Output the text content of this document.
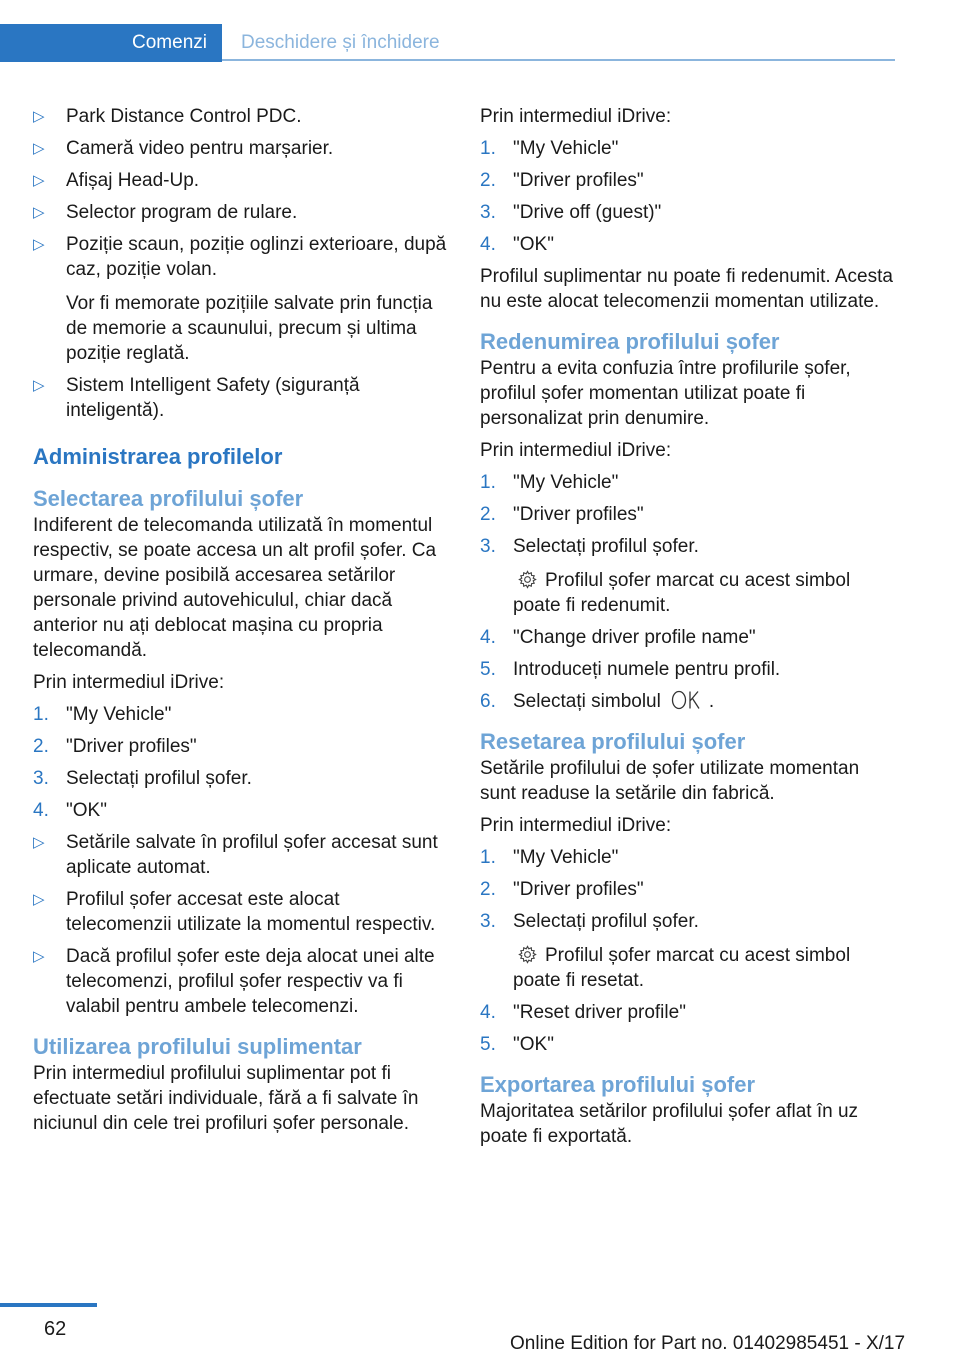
Comenzi	Deschidere și închidere
▷ Park Distance Control PDC.

▷ Cameră video pentru marșarier.

▷ Afișaj Head-Up.

▷ Selector program de rulare.

▷ Poziție scaun, poziție oglinzi exterioare, după caz, poziție volan.

Vor fi memorate pozițiile salvate prin funcția de memorie a scaunului, precum și ultima poziție reglată.

▷ Sistem Intelligent Safety (siguranță inteligentă).

Administrarea profilelor
Selectarea profilului șofer

Indiferent de telecomanda utilizată în momentul respectiv, se poate accesa un alt profil șofer. Ca urmare, devine posibilă accesarea setărilor personale privind autovehiculul, chiar dacă anterior nu ați deblocat mașina cu propria telecomandă.

Prin intermediul iDrive:

1. "My Vehicle"

2. "Driver profiles"

3. Selectați profilul șofer.

4. "OK"

▷ Setările salvate în profilul șofer accesat sunt aplicate automat.

▷ Profilul șofer accesat este alocat telecomenzii utilizate la momentul respectiv.

▷ Dacă profilul șofer este deja alocat unei alte telecomenzi, profilul șofer respectiv va fi valabil pentru ambele telecomenzi.

Utilizarea profilului suplimentar

Prin intermediul profilului suplimentar pot fi efectuate setări individuale, fără a fi salvate în niciunul din cele trei profiluri șofer personale.

Prin intermediul iDrive:

1. "My Vehicle"

2. "Driver profiles"

3. "Drive off (guest)"

4. "OK"

Profilul suplimentar nu poate fi redenumit. Acesta nu este alocat telecomenzii momentan utilizate.

Redenumirea profilului șofer

Pentru a evita confuzia între profilurile șofer, profilul șofer momentan utilizat poate fi personalizat prin denumire.

Prin intermediul iDrive:

1. "My Vehicle"

2. "Driver profiles"

3. Selectați profilul șofer.

Profilul șofer marcat cu acest simbol poate fi redenumit.

4. "Change driver profile name"

5. Introduceți numele pentru profil.

6. Selectați simbolul	.

Resetarea profilului șofer

Setările profilului de șofer utilizate momentan sunt readuse la setările din fabrică.

Prin intermediul iDrive:

1. "My Vehicle"

2. "Driver profiles"

3. Selectați profilul șofer.

Profilul șofer marcat cu acest simbol poate fi resetat.

4. "Reset driver profile"

5. "OK"

Exportarea profilului șofer

Majoritatea setărilor profilului șofer aflat în uz poate fi exportată.

62
Online Edition for Part no. 01402985451 - X/17
